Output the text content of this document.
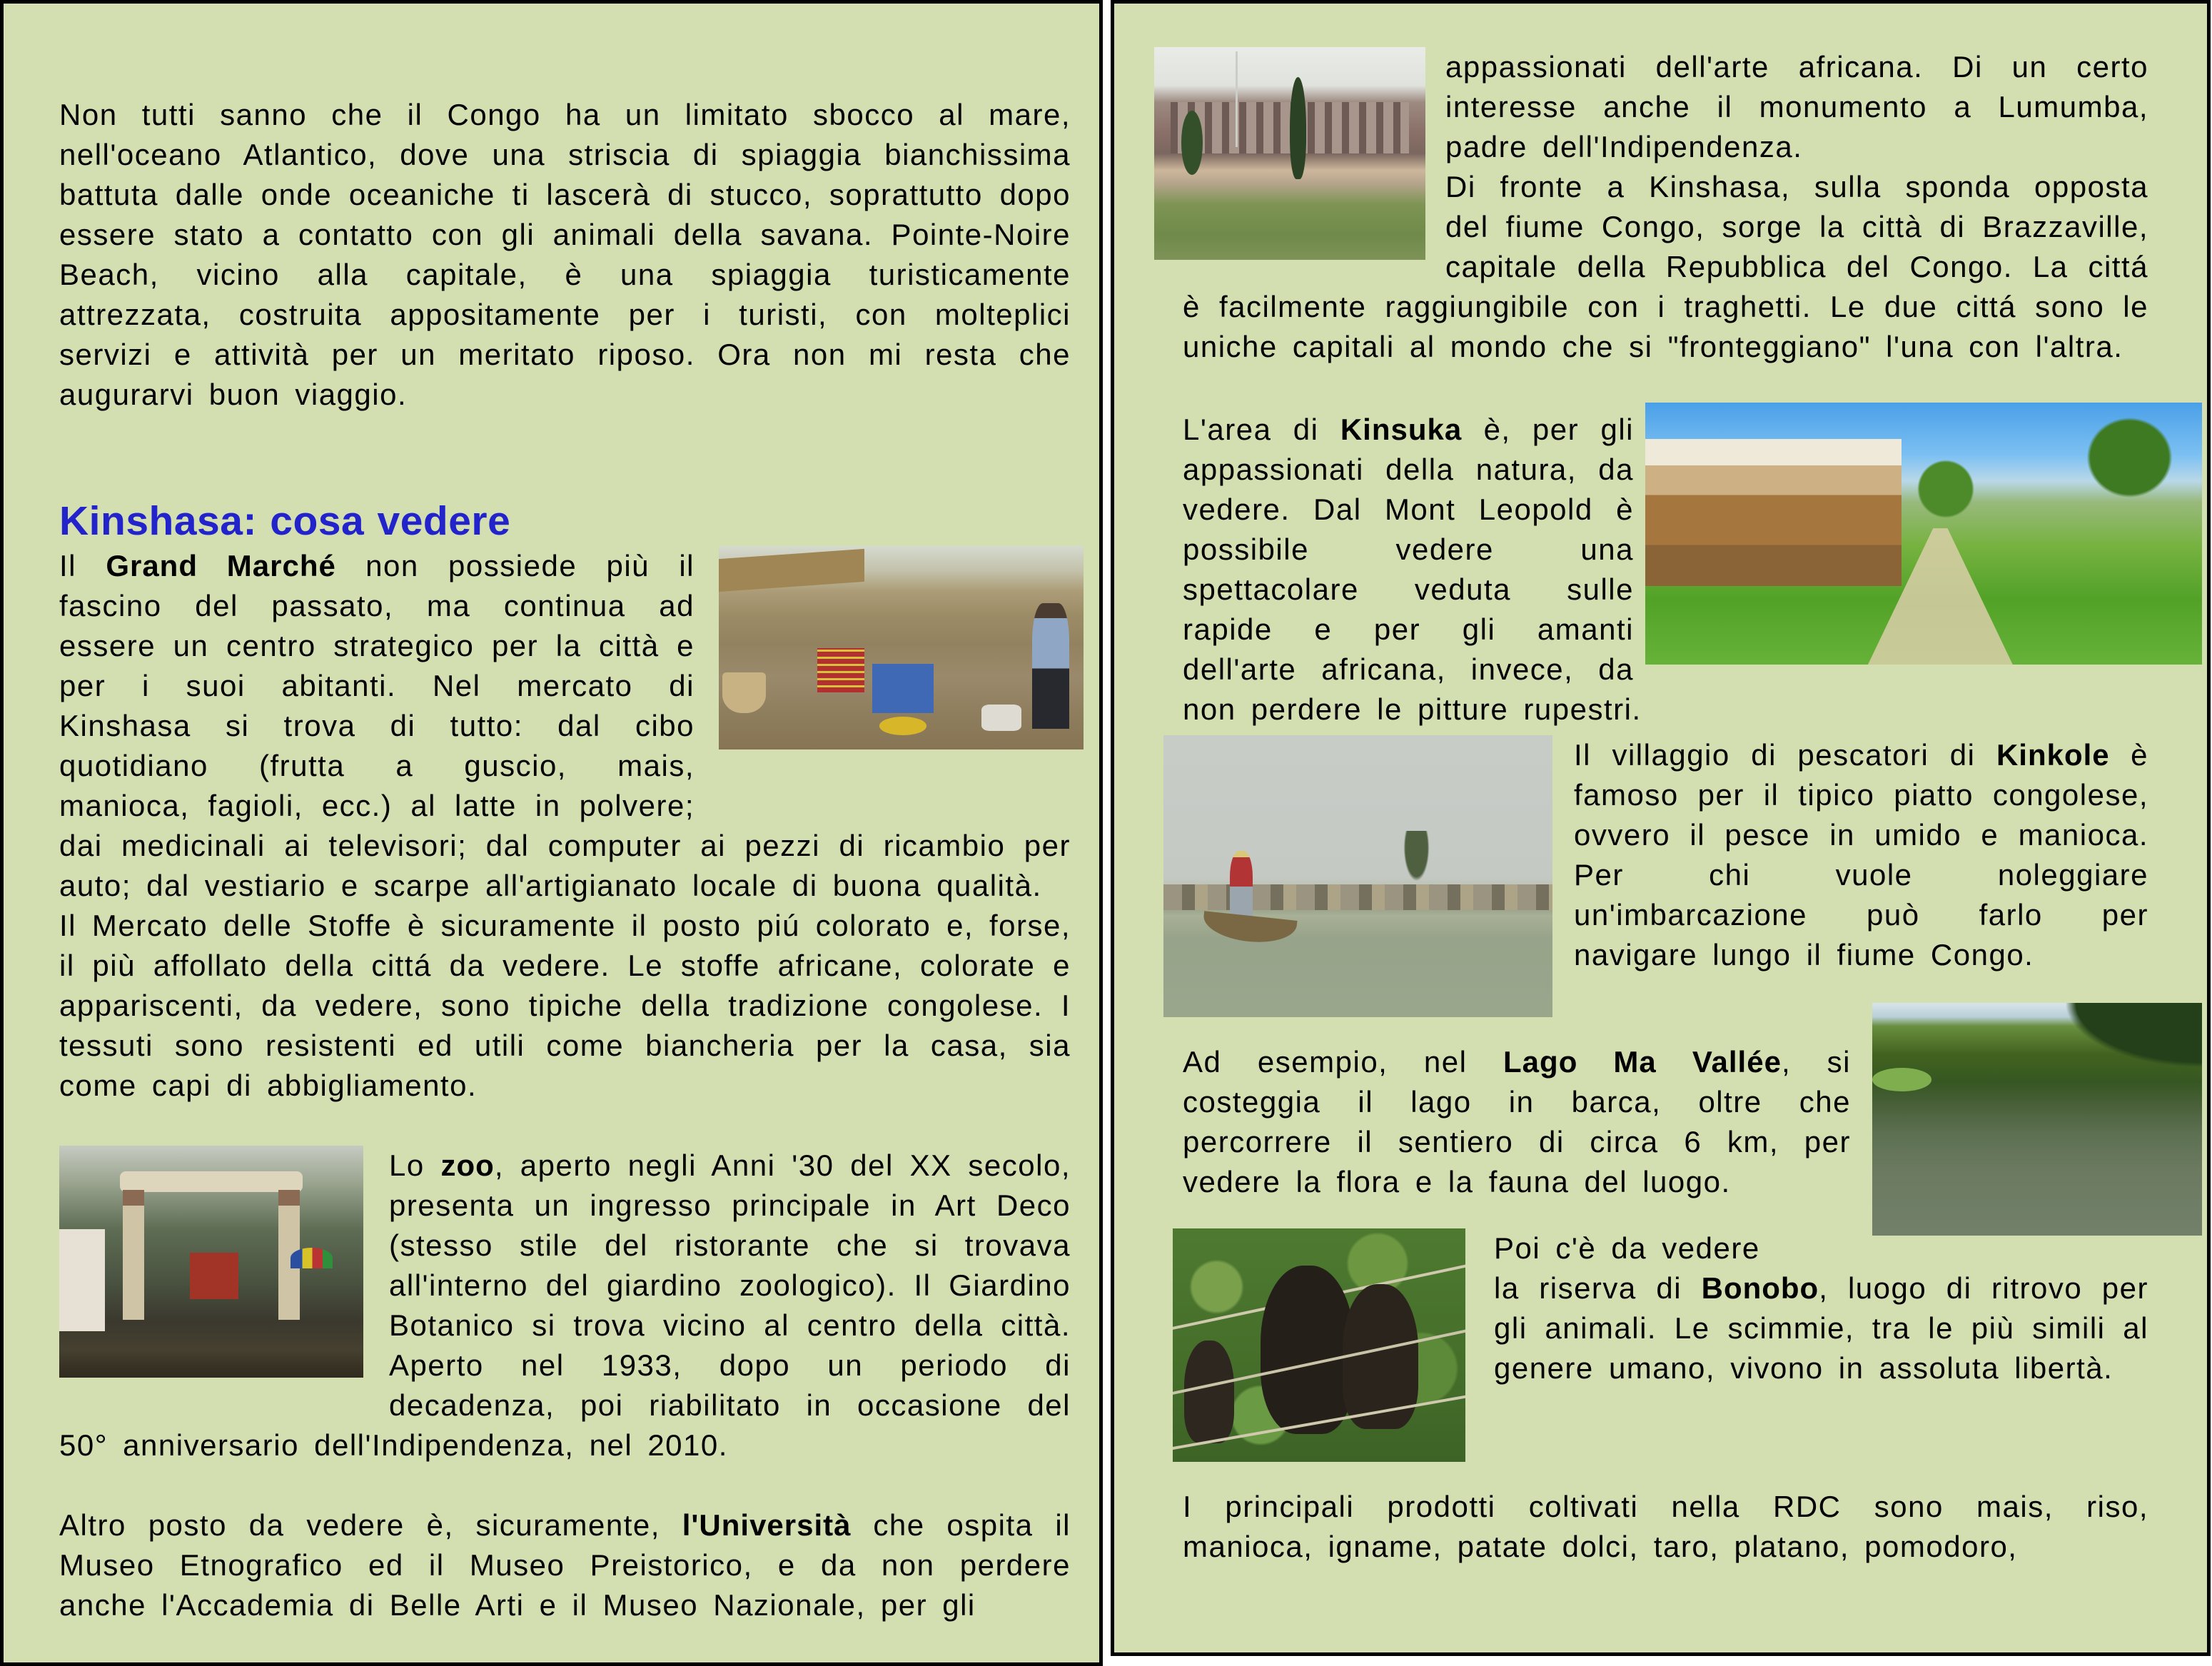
Non tutti sanno che il Congo ha un limitato sbocco al mare, nell'oceano Atlantico, dove una striscia di spiaggia bianchissima battuta dalle onde oceaniche ti lascerà di stucco, soprattutto dopo essere stato a contatto con gli animali della savana. Pointe-Noire Beach, vicino alla capitale, è una spiaggia turisticamente attrezzata, costruita appositamente per i turisti, con molteplici servizi e attività per un meritato riposo. Ora non mi resta che augurarvi buon viaggio.

Kinshasa: cosa vedere

Il Grand Marché non possiede più il fascino del passato, ma continua ad essere un centro strategico per la città e per i suoi abitanti. Nel mercato di Kinshasa si trova di tutto: dal cibo quotidiano (frutta a guscio, mais, manioca, fagioli, ecc.) al latte in polvere; dai medicinali ai televisori; dal computer ai pezzi di ricambio per auto; dal vestiario e scarpe all'artigianato locale di buona qualità.

Il Mercato delle Stoffe è sicuramente il posto piú colorato e, forse, il più affollato della cittá da vedere. Le stoffe africane, colorate e appariscenti, da vedere, sono tipiche della tradizione congolese. I tessuti sono resistenti ed utili come biancheria per la casa, sia come capi di abbigliamento.

Lo zoo, aperto negli Anni '30 del XX secolo, presenta un ingresso principale in Art Deco (stesso stile del ristorante che si trovava all'interno del giardino zoologico). Il Giardino Botanico si trova vicino al centro della città. Aperto nel 1933, dopo un periodo di decadenza, poi riabilitato in occasione del 50° anniversario dell'Indipendenza, nel 2010.

Altro posto da vedere è, sicuramente, l'Università che ospita il Museo Etnografico ed il Museo Preistorico, e da non perdere anche l'Accademia di Belle Arti e il Museo Nazionale, per gli

appassionati dell'arte africana. Di un certo interesse anche il monumento a Lumumba, padre dell'Indipendenza.

Di fronte a Kinshasa, sulla sponda opposta del fiume Congo, sorge la città di Brazzaville, capitale della Repubblica del Congo. La cittá è facilmente raggiungibile con i traghetti. Le due cittá sono le uniche capitali al mondo che si "fronteggiano" l'una con l'altra.

L'area di Kinsuka è, per gli appassionati della natura, da vedere. Dal Mont Leopold è possibile vedere una spettacolare veduta sulle rapide e per gli amanti dell'arte africana, invece, da non perdere le pitture rupestri.

Il villaggio di pescatori di Kinkole è famoso per il tipico piatto congolese, ovvero il pesce in umido e manioca. Per chi vuole noleggiare un'imbarcazione può farlo per navigare lungo il fiume Congo.

Ad esempio, nel Lago Ma Vallée, si costeggia il lago in barca, oltre che percorrere il sentiero di circa 6 km, per vedere la flora e la fauna del luogo.

Poi c'è da vedere
la riserva di Bonobo, luogo di ritrovo per gli animali. Le scimmie, tra le più simili al genere umano, vivono in assoluta libertà.

I principali prodotti coltivati nella RDC sono mais, riso, manioca, igname, patate dolci, taro, platano, pomodoro,
